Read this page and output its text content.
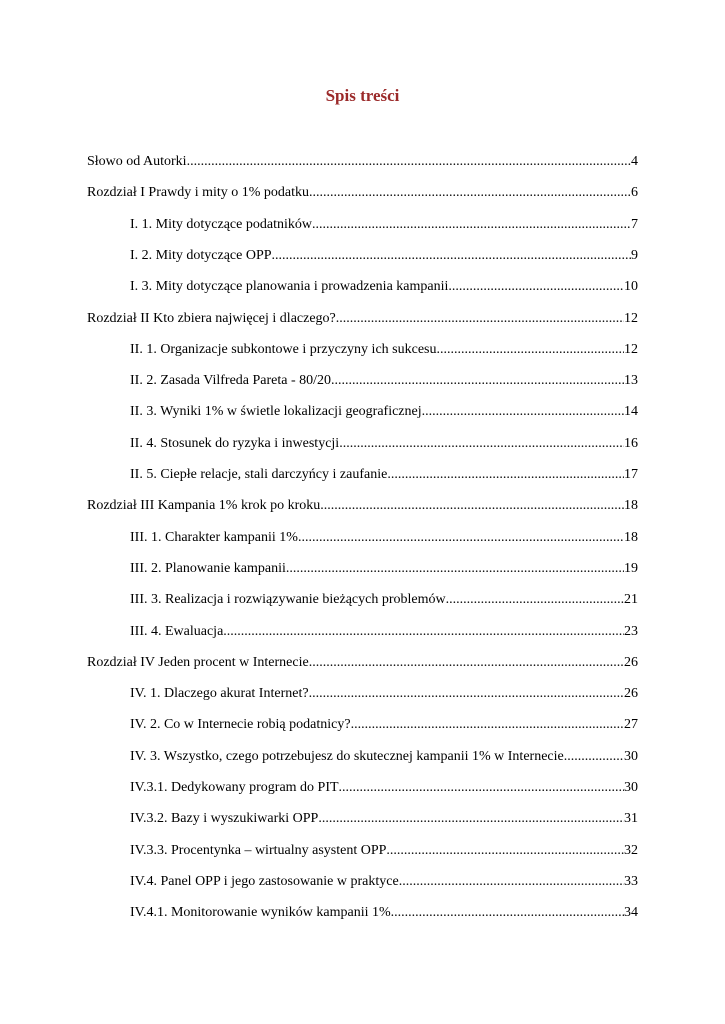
Spis treści
Słowo od Autorki .....	4
Rozdział I Prawdy i mity o 1% podatku .....	6
I. 1. Mity dotyczące podatników .....	7
I. 2. Mity dotyczące OPP .....	9
I. 3. Mity dotyczące planowania i prowadzenia kampanii .....	10
Rozdział II Kto zbiera najwięcej i dlaczego? .....	12
II. 1. Organizacje subkontowe i przyczyny ich sukcesu .....	12
II. 2. Zasada Vilfreda Pareta - 80/20 .....	13
II. 3. Wyniki 1% w świetle lokalizacji geograficznej .....	14
II. 4. Stosunek do ryzyka i inwestycji .....	16
II. 5. Ciepłe relacje, stali darczyńcy i zaufanie .....	17
Rozdział III Kampania 1% krok po kroku .....	18
III. 1. Charakter kampanii 1% .....	18
III. 2. Planowanie kampanii .....	19
III. 3. Realizacja i rozwiązywanie bieżących problemów .....	21
III. 4. Ewaluacja .....	23
Rozdział IV Jeden procent w Internecie .....	26
IV. 1. Dlaczego akurat Internet? .....	26
IV. 2. Co w Internecie robią podatnicy? .....	27
IV. 3. Wszystko, czego potrzebujesz do skutecznej kampanii 1% w Internecie .....	30
IV.3.1. Dedykowany program do PIT .....	30
IV.3.2. Bazy i wyszukiwarki OPP .....	31
IV.3.3. Procentynka – wirtualny asystent OPP .....	32
IV.4. Panel OPP i jego zastosowanie w praktyce .....	33
IV.4.1. Monitorowanie wyników kampanii 1% .....	34
